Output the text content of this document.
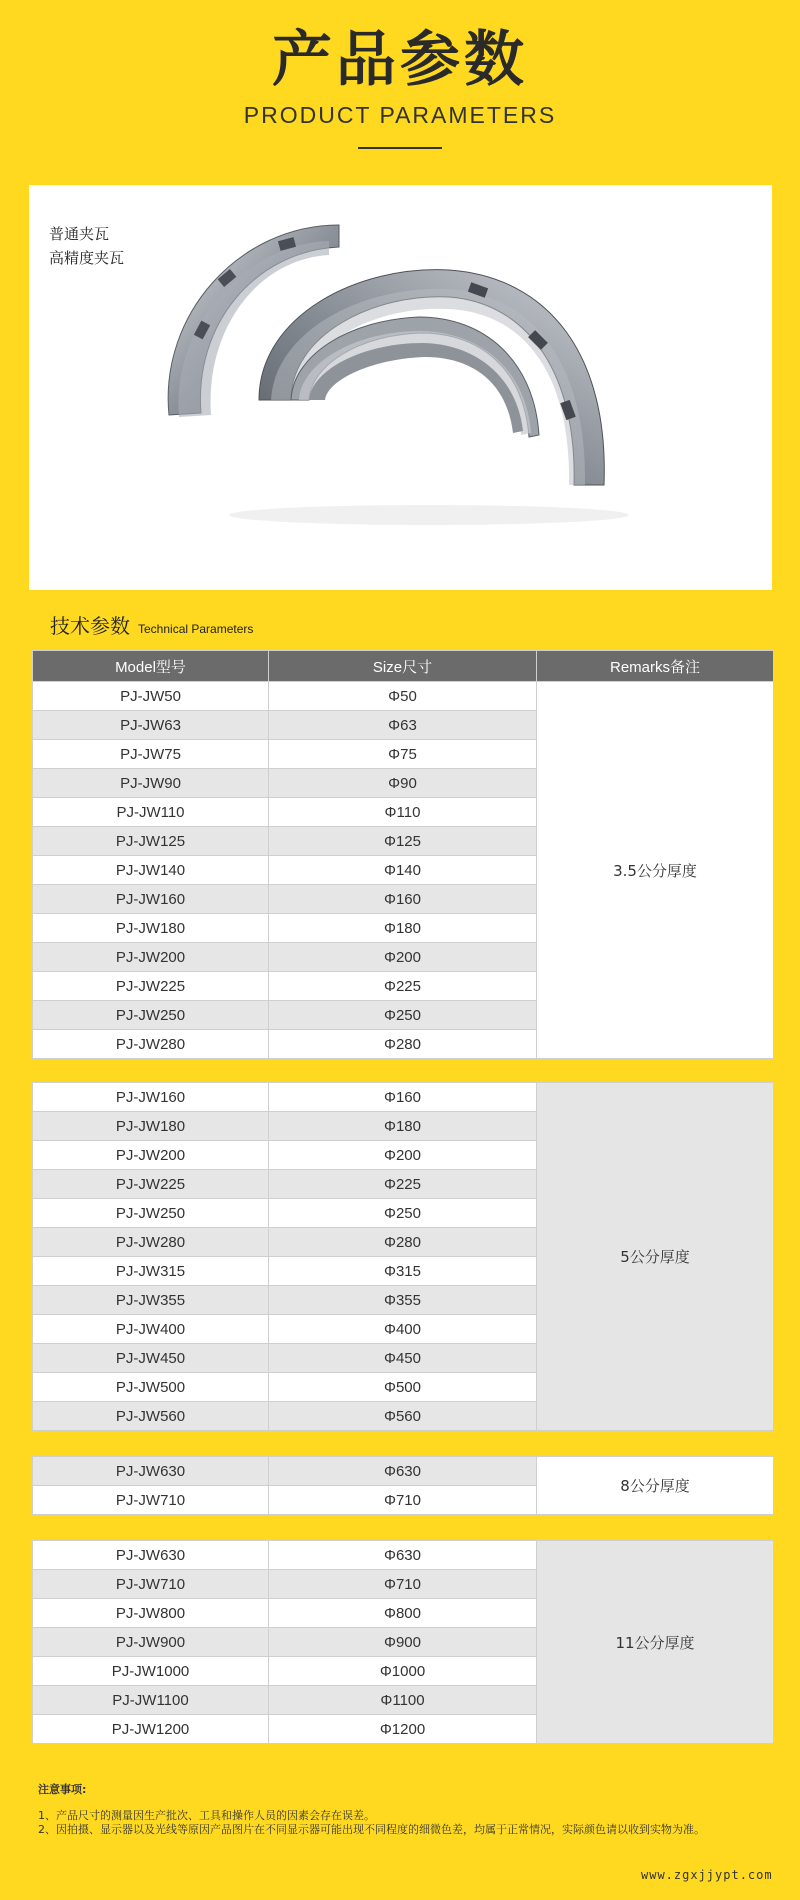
产品参数
PRODUCT PARAMETERS
普通夹瓦
高精度夹瓦
技术参数 Technical Parameters
Model型号	Size尺寸	Remarks备注
PJ-JW50	Φ50	3.5公分厚度
PJ-JW63	Φ63	
PJ-JW75	Φ75	
PJ-JW90	Φ90	
PJ-JW110	Φ110	
PJ-JW125	Φ125	
PJ-JW140	Φ140	
PJ-JW160	Φ160	
PJ-JW180	Φ180	
PJ-JW200	Φ200	
PJ-JW225	Φ225	
PJ-JW250	Φ250	
PJ-JW280	Φ280	
PJ-JW160	Φ160	5公分厚度
PJ-JW180	Φ180	
PJ-JW200	Φ200	
PJ-JW225	Φ225	
PJ-JW250	Φ250	
PJ-JW280	Φ280	
PJ-JW315	Φ315	
PJ-JW355	Φ355	
PJ-JW400	Φ400	
PJ-JW450	Φ450	
PJ-JW500	Φ500	
PJ-JW560	Φ560	
PJ-JW630	Φ630	8公分厚度
PJ-JW710	Φ710	
PJ-JW630	Φ630	11公分厚度
PJ-JW710	Φ710	
PJ-JW800	Φ800	
PJ-JW900	Φ900	
PJ-JW1000	Φ1000	
PJ-JW1100	Φ1100	
PJ-JW1200	Φ1200	
注意事项:
1、产品尺寸的测量因生产批次、工具和操作人员的因素会存在误差。
2、因拍摄、显示器以及光线等原因产品图片在不同显示器可能出现不同程度的细微色差，均属于正常情况，实际颜色请以收到实物为准。
www.zgxjjypt.com
